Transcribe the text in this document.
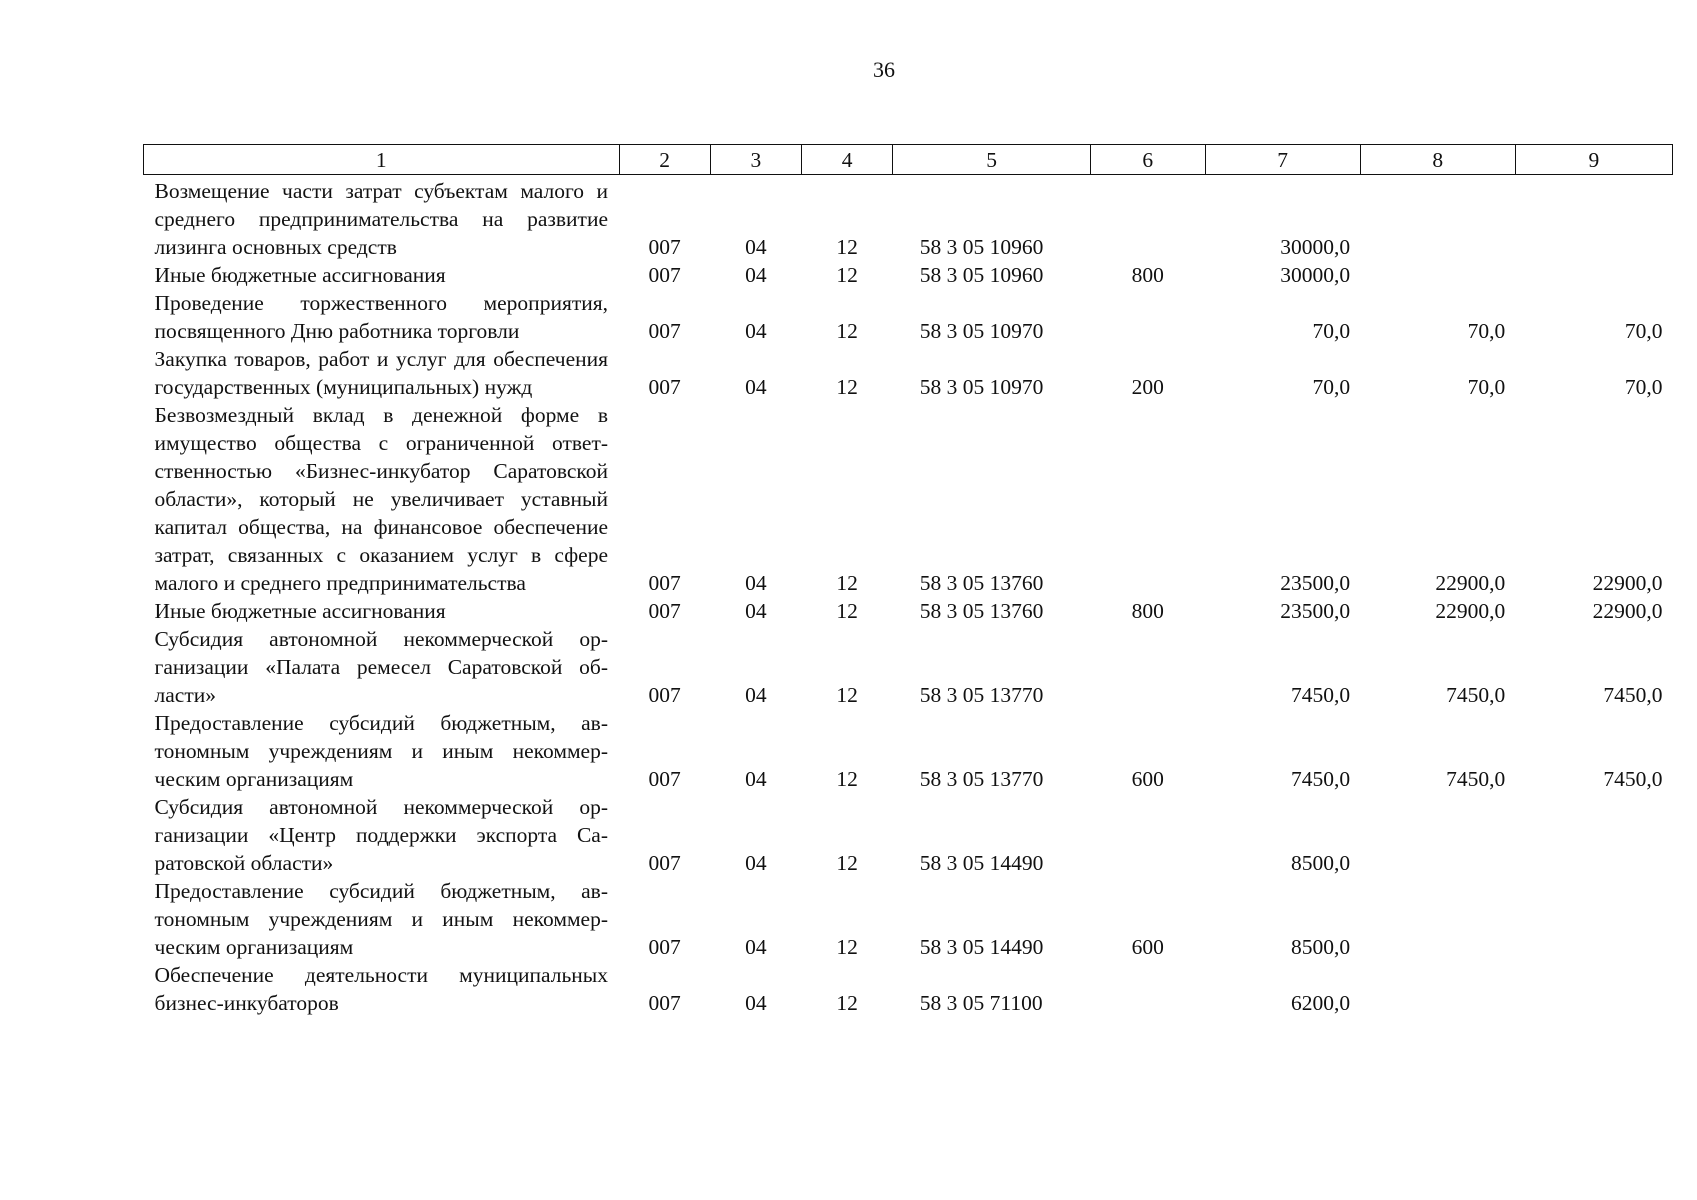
36
1	2	3	4	5	6	7	8	9
Возмещение части затрат субъектам малого и среднего предпринимательства на развитие лизинга основных средств	007	04	12	58 3 05 10960		30000,0		
Иные бюджетные ассигнования	007	04	12	58 3 05 10960	800	30000,0		
Проведение торжественного мероприятия, посвященного Дню работника торговли	007	04	12	58 3 05 10970		70,0	70,0	70,0
Закупка товаров, работ и услуг для обеспечения государственных (муниципальных) нужд	007	04	12	58 3 05 10970	200	70,0	70,0	70,0
Безвозмездный вклад в денежной форме в имущество общества с ограниченной ответственностью «Бизнес-инкубатор Саратовской области», который не увеличивает уставный капитал общества, на финансовое обеспечение затрат, связанных с оказанием услуг в сфере малого и среднего предпринимательства	007	04	12	58 3 05 13760		23500,0	22900,0	22900,0
Иные бюджетные ассигнования	007	04	12	58 3 05 13760	800	23500,0	22900,0	22900,0
Субсидия автономной некоммерческой организации «Палата ремесел Саратовской области»	007	04	12	58 3 05 13770		7450,0	7450,0	7450,0
Предоставление субсидий бюджетным, автономным учреждениям и иным некоммерческим организациям	007	04	12	58 3 05 13770	600	7450,0	7450,0	7450,0
Субсидия автономной некоммерческой организации «Центр поддержки экспорта Саратовской области»	007	04	12	58 3 05 14490		8500,0		
Предоставление субсидий бюджетным, автономным учреждениям и иным некоммерческим организациям	007	04	12	58 3 05 14490	600	8500,0		
Обеспечение деятельности муниципальных бизнес-инкубаторов	007	04	12	58 3 05 71100		6200,0		
